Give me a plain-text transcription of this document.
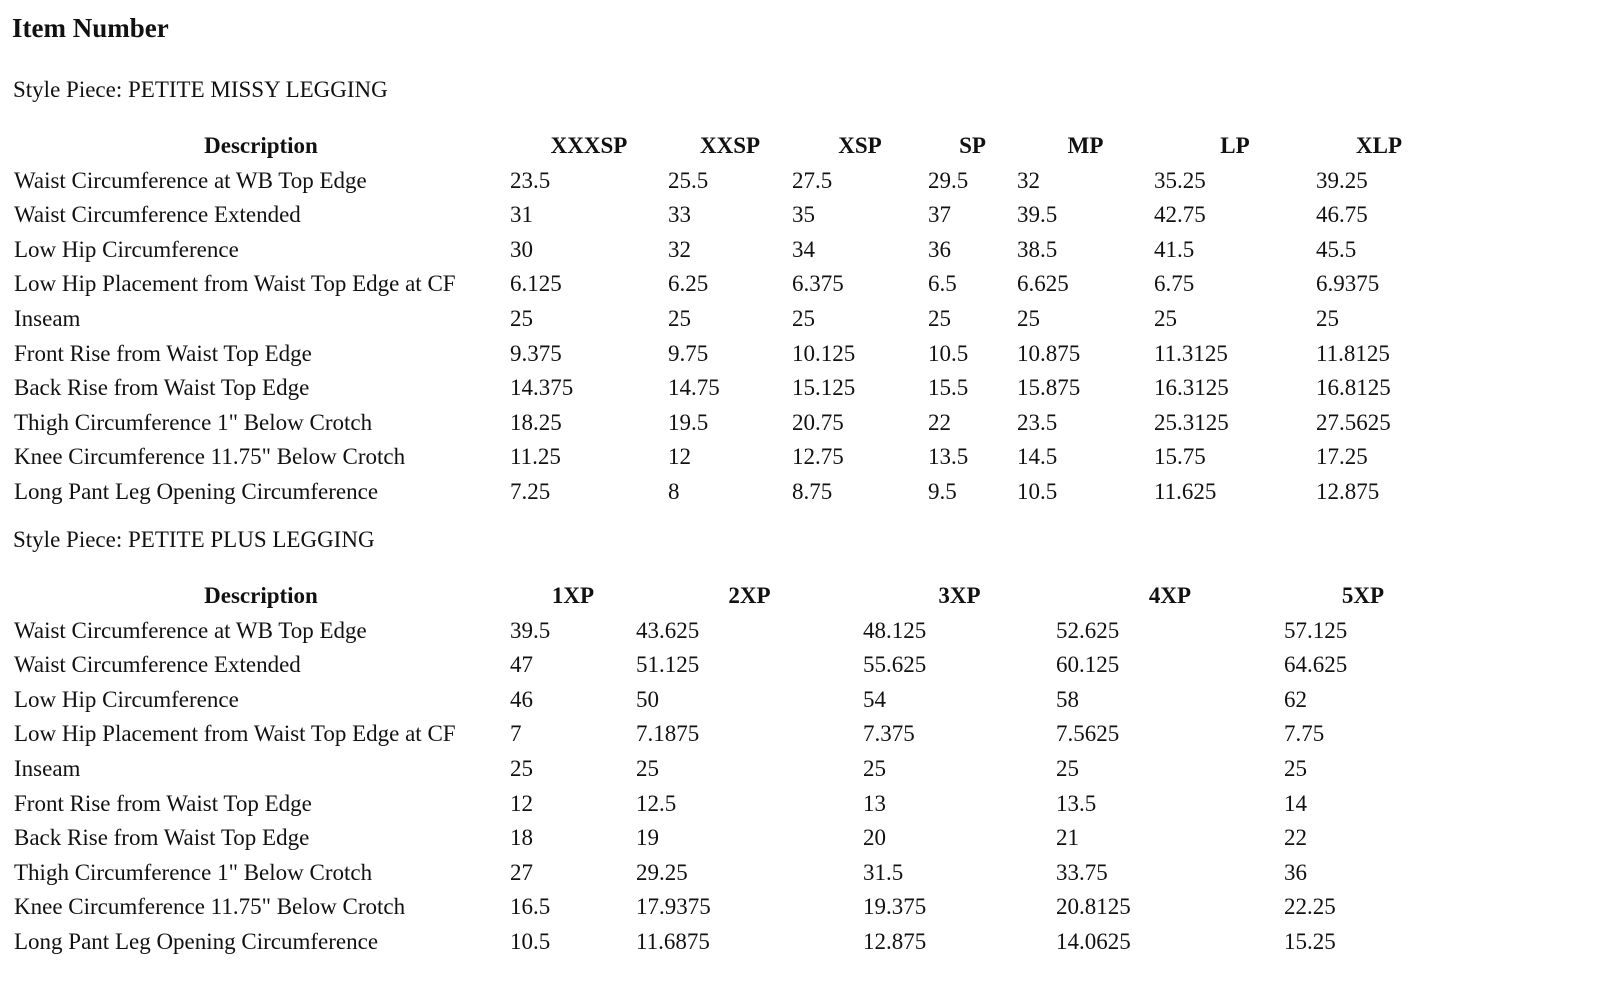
Item Number
Style Piece: PETITE MISSY LEGGING
Description	XXXSP	XXSP	XSP	SP	MP	LP	XLP
Waist Circumference at WB Top Edge	23.5	25.5	27.5	29.5	32	35.25	39.25
Waist Circumference Extended	31	33	35	37	39.5	42.75	46.75
Low Hip Circumference	30	32	34	36	38.5	41.5	45.5
Low Hip Placement from Waist Top Edge at CF	6.125	6.25	6.375	6.5	6.625	6.75	6.9375
Inseam	25	25	25	25	25	25	25
Front Rise from Waist Top Edge	9.375	9.75	10.125	10.5	10.875	11.3125	11.8125
Back Rise from Waist Top Edge	14.375	14.75	15.125	15.5	15.875	16.3125	16.8125
Thigh Circumference 1" Below Crotch	18.25	19.5	20.75	22	23.5	25.3125	27.5625
Knee Circumference 11.75" Below Crotch	11.25	12	12.75	13.5	14.5	15.75	17.25
Long Pant Leg Opening Circumference	7.25	8	8.75	9.5	10.5	11.625	12.875
Style Piece: PETITE PLUS LEGGING
Description	1XP	2XP	3XP	4XP	5XP
Waist Circumference at WB Top Edge	39.5	43.625	48.125	52.625	57.125
Waist Circumference Extended	47	51.125	55.625	60.125	64.625
Low Hip Circumference	46	50	54	58	62
Low Hip Placement from Waist Top Edge at CF	7	7.1875	7.375	7.5625	7.75
Inseam	25	25	25	25	25
Front Rise from Waist Top Edge	12	12.5	13	13.5	14
Back Rise from Waist Top Edge	18	19	20	21	22
Thigh Circumference 1" Below Crotch	27	29.25	31.5	33.75	36
Knee Circumference 11.75" Below Crotch	16.5	17.9375	19.375	20.8125	22.25
Long Pant Leg Opening Circumference	10.5	11.6875	12.875	14.0625	15.25
